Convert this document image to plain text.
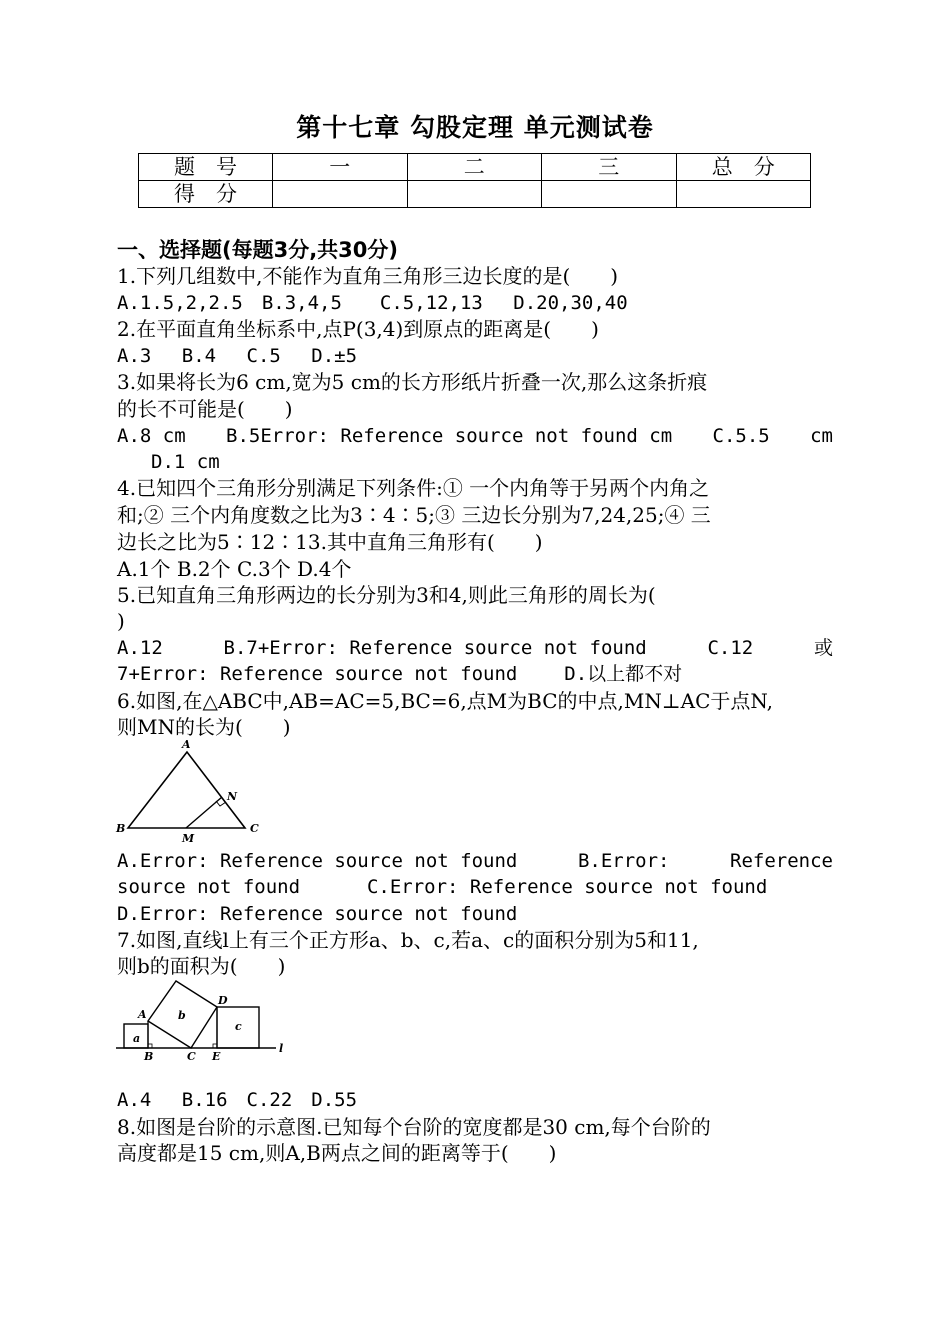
第十七章 勾股定理 单元测试卷
题　号	一	二	三	总　分
得　分				
一、选择题(每题3分,共30分)
1.下列几组数中,不能作为直角三角形三边长度的是(　　)
A.1.5,2,2.5　B.3,4,5　　C.5,12,13　 D.20,30,40
2.在平面直角坐标系中,点P(3,4)到原点的距离是(　　)
A.3　 B.4　 C.5　 D.±5
3.如果将长为6 cm,宽为5 cm的长方形纸片折叠一次,那么这条折痕
的长不可能是(　　)
A.8 cm B.5Error: Reference source not found cm C.5.5 cm
D.1 cm
4.已知四个三角形分别满足下列条件:① 一个内角等于另两个内角之
和;② 三个内角度数之比为3∶4∶5;③ 三边长分别为7,24,25;④ 三
边长之比为5∶12∶13.其中直角三角形有(　　)
A.1个 B.2个 C.3个 D.4个
5.已知直角三角形两边的长分别为3和4,则此三角形的周长为(
)
A.12	B.7+Error: Reference source not found	C.12	或
7+Error: Reference source not found D.以上都不对
6.如图,在△ABC中,AB=AC=5,BC=6,点M为BC的中点,MN⊥AC于点N,
则MN的长为(　　)
A
B	C
M
N
A.Error: Reference source not found	B.Error:	Reference
source not found	C.Error: Reference source not found
D.Error: Reference source not found
7.如图,直线l上有三个正方形a、b、c,若a、c的面积分别为5和11,
则b的面积为(　　)
a
b
c
A
B	C
D
E
l
A.4　 B.16　C.22　D.55
8.如图是台阶的示意图.已知每个台阶的宽度都是30 cm,每个台阶的
高度都是15 cm,则A,B两点之间的距离等于(　　)
